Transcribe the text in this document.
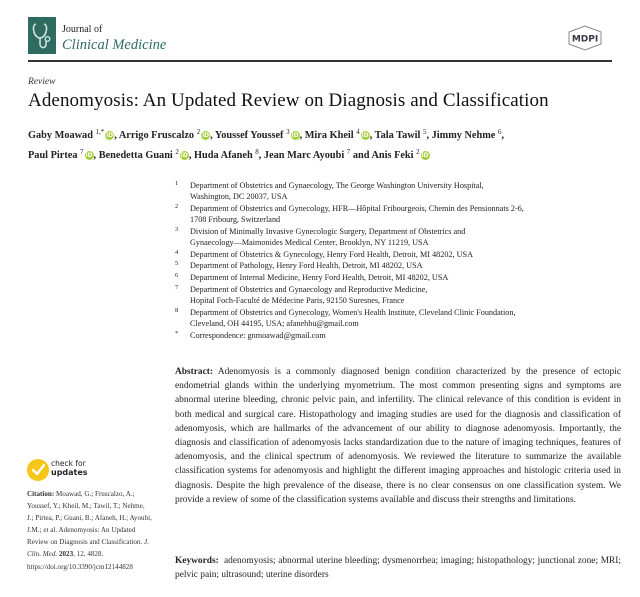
Journal of
Clinical Medicine	MDPI
Review
Adenomyosis: An Updated Review on Diagnosis and Classification
Gaby Moawad $^{1,*}$ iD, Arrigo Fruscalzo $^2$ iD, Youssef Youssef $^3$ iD, Mira Kheil $^4$ iD, Tala Tawil $^5$, Jimmy Nehme $^6$,
Paul Pirtea $^7$ iD, Benedetta Guani $^2$ iD, Huda Afaneh $^8$, Jean Marc Ayoubi $^7$ and Anis Feki $^2$ iD
1 Department of Obstetrics and Gynaecology, The George Washington University Hospital,
Washington, DC 20037, USA
2 Department of Obstetrics and Gynecology, HFR—Hôpital Fribourgeois, Chemin des Pensionnats 2-6,
1708 Fribourg, Switzerland
3 Division of Minimally Invasive Gynecologic Surgery, Department of Obstetrics and
Gynaecology—Maimonides Medical Center, Brooklyn, NY 11219, USA
4 Department of Obstetrics & Gynecology, Henry Ford Health, Detroit, MI 48202, USA
5 Department of Pathology, Henry Ford Health, Detroit, MI 48202, USA
6 Department of Internal Medicine, Henry Ford Health, Detroit, MI 48202, USA
7 Department of Obstetrics and Gynaecology and Reproductive Medicine,
Hopital Foch-Faculté de Médecine Paris, 92150 Suresnes, France
8 Department of Obstetrics and Gynecology, Women's Health Institute, Cleveland Clinic Foundation,
Cleveland, OH 44195, USA; afanehhu@gmail.com
* Correspondence: gnmoawad@gmail.com
Abstract: Adenomyosis is a commonly diagnosed benign condition characterized by the presence of ectopic endometrial glands within the underlying myometrium. The most common presenting signs and symptoms are abnormal uterine bleeding, chronic pelvic pain, and infertility. The clinical relevance of this condition is evident in both medical and surgical care. Histopathology and imaging studies are used for the diagnosis and classification of adenomyosis, which are hallmarks of the advancement of our ability to diagnose adenomyosis. Importantly, the diagnosis and classification of adenomyosis lacks standardization due to the nature of imaging techniques, features of adenomyosis, and the clinical spectrum of adenomyosis. We reviewed the literature to summarize the available classification systems for adenomyosis and highlight the different imaging approaches and histologic criteria used in diagnosis. Despite the high prevalence of the disease, there is no clear consensus on one classification system. We provide a review of some of the classification systems available and discuss their strengths and limitations.
Keywords: adenomyosis; abnormal uterine bleeding; dysmenorrhea; imaging; histopathology; junctional zone; MRI; pelvic pain; ultrasound; uterine disorders
check for
updates
Citation: Moawad, G.; Fruscalzo, A.; Youssef, Y.; Kheil, M.; Tawil, T.; Nehme, J.; Pirtea, P.; Guani, B.; Afaneh, H.; Ayoubi, J.M.; et al. Adenomyosis: An Updated Review on Diagnosis and Classification. J. Clin. Med. 2023, 12, 4828. https://doi.org/10.3390/jcm12144828
